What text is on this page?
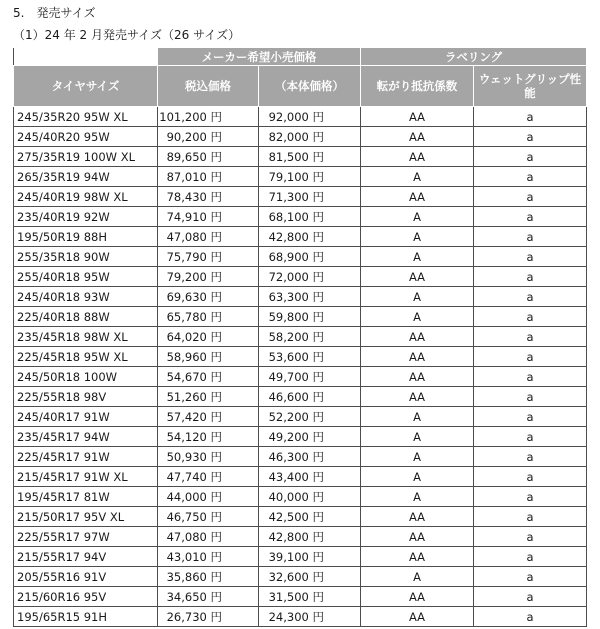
5.　発売サイズ
（1）24 年 2 月発売サイズ（26 サイズ）
	メーカー希望小売価格		ラベリング	
タイヤサイズ	税込価格	（本体価格）	転がり抵抗係数	ウェットグリップ性能
245/35R20 95W XL	101,200 円	92,000 円	AA	a
245/40R20 95W	90,200 円	82,000 円	AA	a
275/35R19 100W XL	89,650 円	81,500 円	AA	a
265/35R19 94W	87,010 円	79,100 円	A	a
245/40R19 98W XL	78,430 円	71,300 円	AA	a
235/40R19 92W	74,910 円	68,100 円	A	a
195/50R19 88H	47,080 円	42,800 円	A	a
255/35R18 90W	75,790 円	68,900 円	A	a
255/40R18 95W	79,200 円	72,000 円	AA	a
245/40R18 93W	69,630 円	63,300 円	A	a
225/40R18 88W	65,780 円	59,800 円	A	a
235/45R18 98W XL	64,020 円	58,200 円	AA	a
225/45R18 95W XL	58,960 円	53,600 円	AA	a
245/50R18 100W	54,670 円	49,700 円	AA	a
225/55R18 98V	51,260 円	46,600 円	AA	a
245/40R17 91W	57,420 円	52,200 円	A	a
235/45R17 94W	54,120 円	49,200 円	A	a
225/45R17 91W	50,930 円	46,300 円	A	a
215/45R17 91W XL	47,740 円	43,400 円	A	a
195/45R17 81W	44,000 円	40,000 円	A	a
215/50R17 95V XL	46,750 円	42,500 円	AA	a
225/55R17 97W	47,080 円	42,800 円	AA	a
215/55R17 94V	43,010 円	39,100 円	AA	a
205/55R16 91V	35,860 円	32,600 円	A	a
215/60R16 95V	34,650 円	31,500 円	AA	a
195/65R15 91H	26,730 円	24,300 円	AA	a
